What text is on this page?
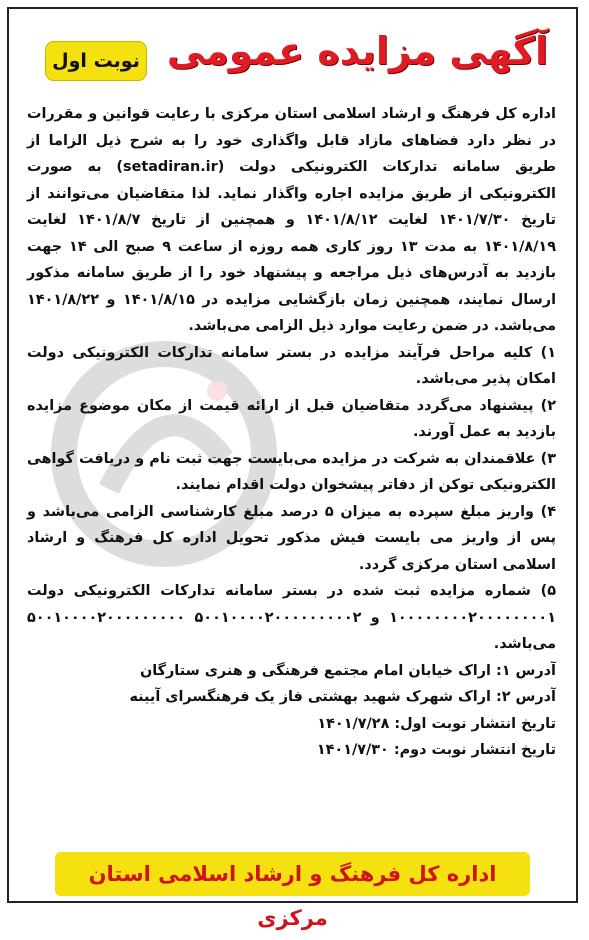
آگهی مزایده عمومی
نوبت اول

اداره کل فرهنگ و ارشاد اسلامی استان مرکزی با رعایت قوانین و مقررات در نظر دارد فضاهای مازاد قابل واگذاری خود را به شرح ذیل الزاما از طریق سامانه تدارکات الکترونیکی دولت (setadiran.ir) به صورت الکترونیکی از طریق مزایده اجاره واگذار نماید. لذا متقاضیان می‌توانند از تاریخ ۱۴۰۱/۷/۳۰ لغایت ۱۴۰۱/۸/۱۲ و همچنین از تاریخ ۱۴۰۱/۸/۷ لغایت ۱۴۰۱/۸/۱۹ به مدت ۱۳ روز کاری همه روزه از ساعت ۹ صبح الی ۱۴ جهت بازدید به آدرس‌های ذیل مراجعه و پیشنهاد خود را از طریق سامانه مذکور ارسال نمایند، همچنین زمان بازگشایی مزایده در ۱۴۰۱/۸/۱۵ و ۱۴۰۱/۸/۲۲ می‌باشد. در ضمن رعایت موارد ذیل الزامی می‌باشد.

۱) کلیه مراحل فرآیند مزایده در بستر سامانه تدارکات الکترونیکی دولت امکان پذیر می‌باشد.

۲) پیشنهاد می‌گردد متقاضیان قبل از ارائه قیمت از مکان موضوع مزایده بازدید به عمل آورند.

۳) علاقمندان به شرکت در مزایده می‌بایست جهت ثبت نام و دریافت گواهی الکترونیکی توکن از دفاتر پیشخوان دولت اقدام نمایند.

۴) واریز مبلغ سپرده به میزان ۵ درصد مبلغ کارشناسی الزامی می‌باشد و پس از واریز می بایست فیش مذکور تحویل اداره کل فرهنگ و ارشاد اسلامی استان مرکزی گردد.

۵) شماره مزایده ثبت شده در بستر سامانه تدارکات الکترونیکی دولت ۱۰۰۰۰۰۰۰۰۲۰۰۰۰۰۰۰۰۱ و ۵۰۰۱۰۰۰۰۲۰۰۰۰۰۰۰۰۰۲ ۵۰۰۱۰۰۰۰۲۰۰۰۰۰۰۰۰۰ می‌باشد.

آدرس ۱: اراک خیابان امام مجتمع فرهنگی و هنری ستارگان

آدرس ۲: اراک شهرک شهید بهشتی فاز یک فرهنگسرای آیینه

تاریخ انتشار نوبت اول: ۱۴۰۱/۷/۲۸

تاریخ انتشار نوبت دوم: ۱۴۰۱/۷/۳۰

اداره کل فرهنگ و ارشاد اسلامی استان مرکزی
